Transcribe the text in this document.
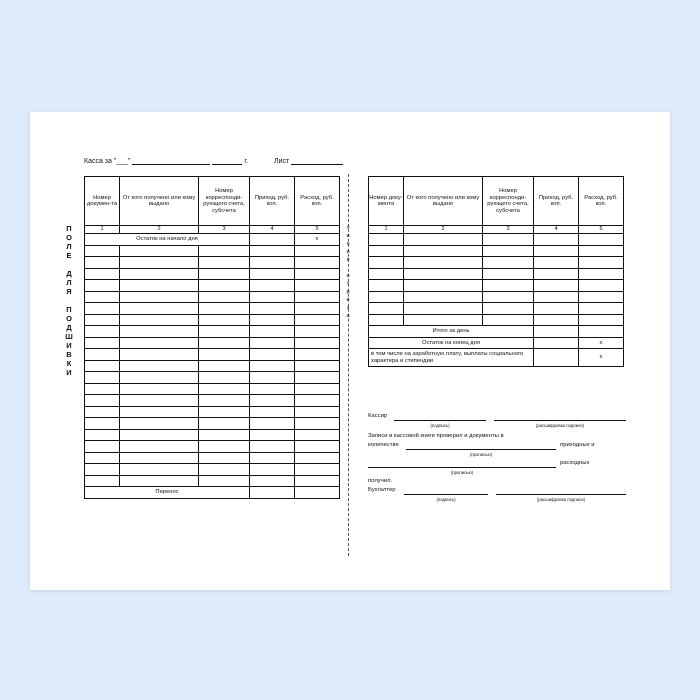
Касса за "___"	г.	Лист
П
О
Л
Е
Д
Л
Я
П
О
Д
Ш
И
В
К
И
л
и
н
и
я
о
т
р
е
з
а
Номер докумен-та	От кого получено или кому выдано	Номер корреспонди-рующего счета, субсчета	Приход, руб. коп.	Расход, руб. коп.
1	2	3	4	5
Остаток на начало дня				х

Перенос				
Номер доку-мента	От кого получено или кому выдано	Номер корреспонди-рующего счета, субсчета	Приход, руб. коп.	Расход, руб. коп.
1	2	3	4	5

Итого за день				
Остаток на конец дня				х
в том числе на заработную плату, выплаты социального характера и стипендии				х
Кассир
(подпись)	(расшифровка подписи)
Записи в кассовой книге проверил и документы в
количестве	приходных и
(прописью)
расходных
(прописью)
получил.
Бухгалтер
(подпись)	(расшифровка подписи)
